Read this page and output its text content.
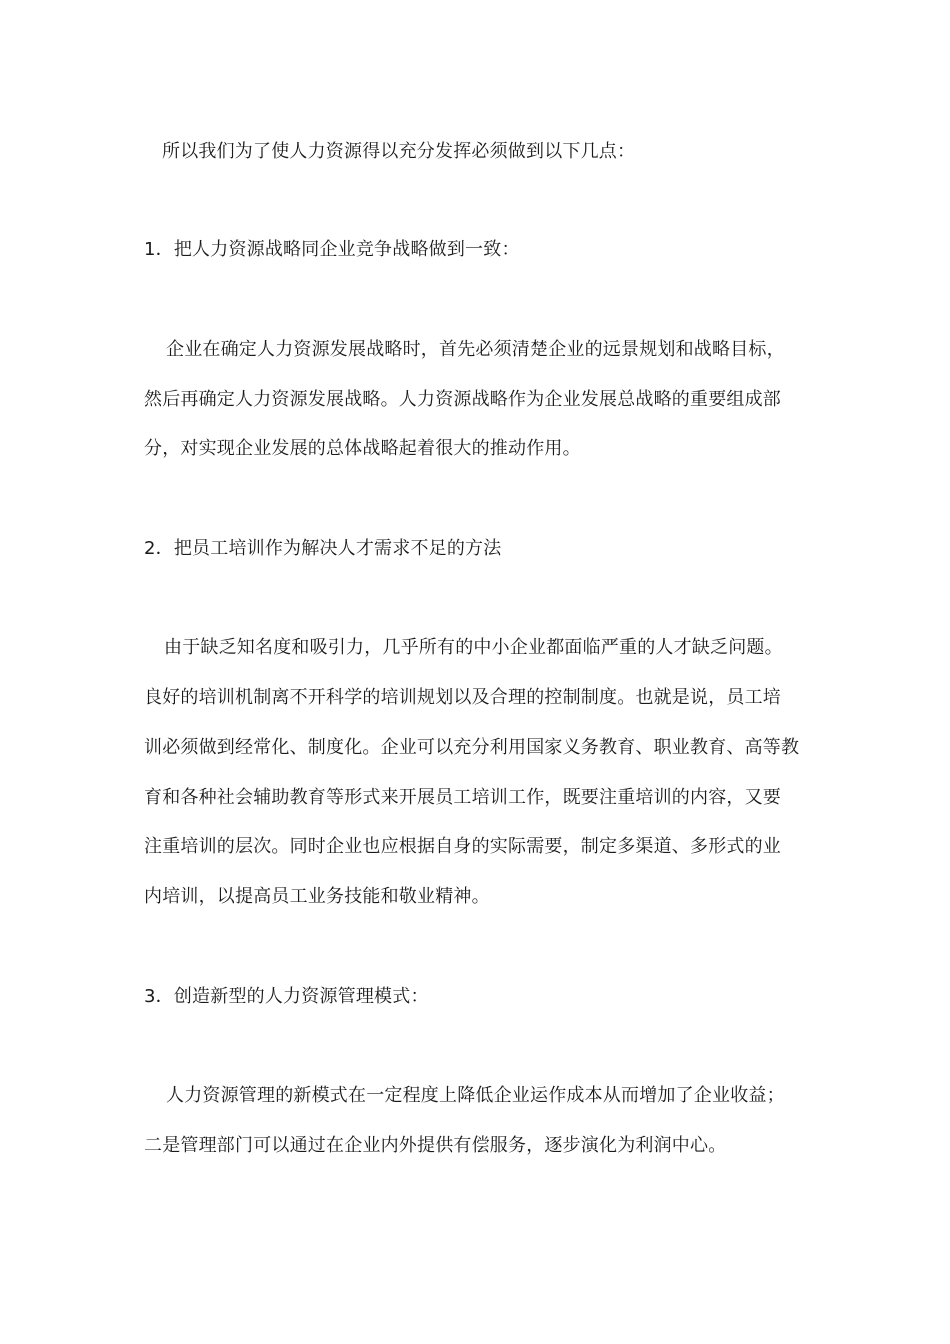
所以我们为了使人力资源得以充分发挥必须做到以下几点：
1．把人力资源战略同企业竞争战略做到一致：
企业在确定人力资源发展战略时，首先必须清楚企业的远景规划和战略目标，
然后再确定人力资源发展战略。人力资源战略作为企业发展总战略的重要组成部
分，对实现企业发展的总体战略起着很大的推动作用。
2．把员工培训作为解决人才需求不足的方法
由于缺乏知名度和吸引力，几乎所有的中小企业都面临严重的人才缺乏问题。
良好的培训机制离不开科学的培训规划以及合理的控制制度。也就是说，员工培
训必须做到经常化、制度化。企业可以充分利用国家义务教育、职业教育、高等教
育和各种社会辅助教育等形式来开展员工培训工作，既要注重培训的内容，又要
注重培训的层次。同时企业也应根据自身的实际需要，制定多渠道、多形式的业
内培训，以提高员工业务技能和敬业精神。
3．创造新型的人力资源管理模式：
人力资源管理的新模式在一定程度上降低企业运作成本从而增加了企业收益；
二是管理部门可以通过在企业内外提供有偿服务，逐步演化为利润中心。
